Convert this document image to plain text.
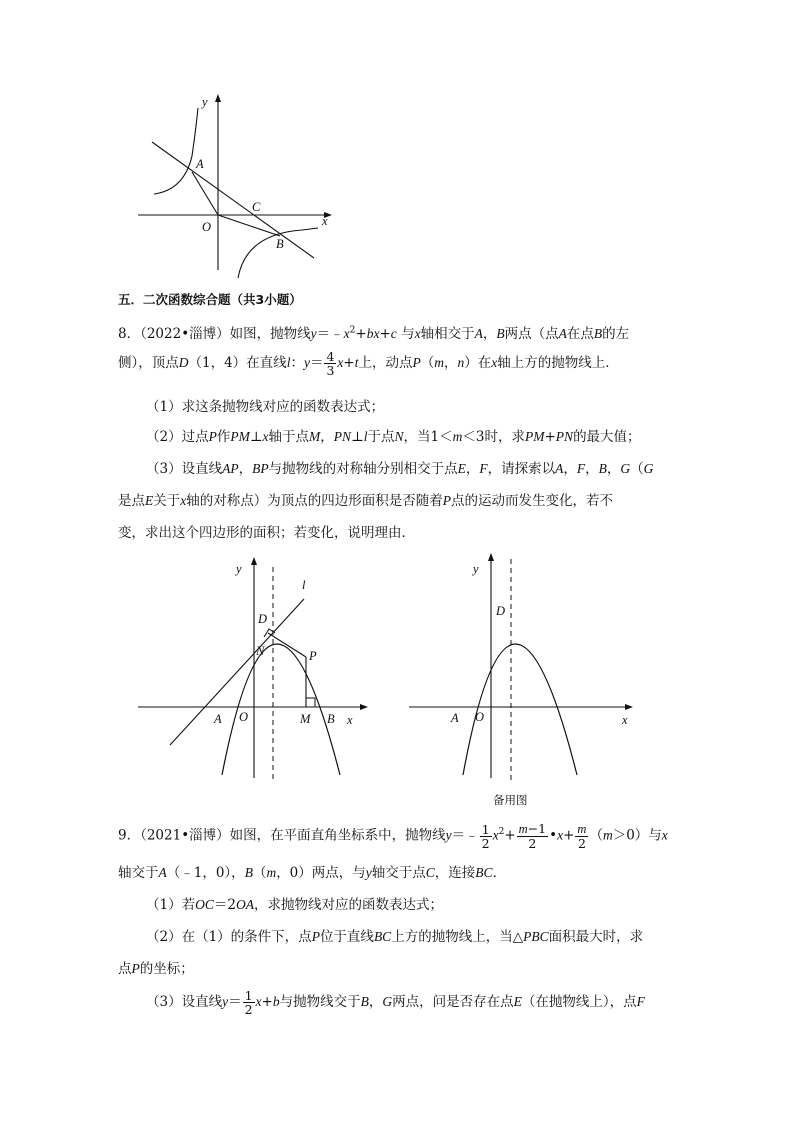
y
A
C
x
O
B
五．二次函数综合题（共3小题）
8．（2022•淄博）如图，抛物线$y=﹣x^2+bx+c$ 与x轴相交于A，B两点（点A在点B的左
侧），顶点D（1，4）在直线l：$y= \frac{4}{3} x+t$上，动点P（m，n）在x轴上方的抛物线上．
（1）求这条抛物线对应的函数表达式；
（2）过点P作PM⊥x轴于点M，PN⊥l于点N，当1＜m＜3时，求PM+PN的最大值；
（3）设直线AP，BP与抛物线的对称轴分别相交于点E，F，请探索以A，F，B，G（G
是点E关于x轴的对称点）为顶点的四边形面积是否随着P点的运动而发生变化，若不
变，求出这个四边形的面积；若变化，说明理由．
y
l
D
N	P
A O	M B x
y
D
A O	x
备用图
9．（2021•淄博）如图，在平面直角坐标系中，抛物线y＝﹣ $\frac{1}{2} x^2+ \frac{m-1}{2}$ •x+ $\frac{m}{2} (m>0)$与x
轴交于A（﹣1，0），B（m，0）两点，与y轴交于点C，连接BC．
（1）若OC＝2OA，求抛物线对应的函数表达式；
（2）在（1）的条件下，点P位于直线BC上方的抛物线上，当△PBC面积最大时，求
点P的坐标；
（3）设直线$y= \frac{1}{2} x+b$与抛物线交于B，G两点，问是否存在点E（在抛物线上），点F
